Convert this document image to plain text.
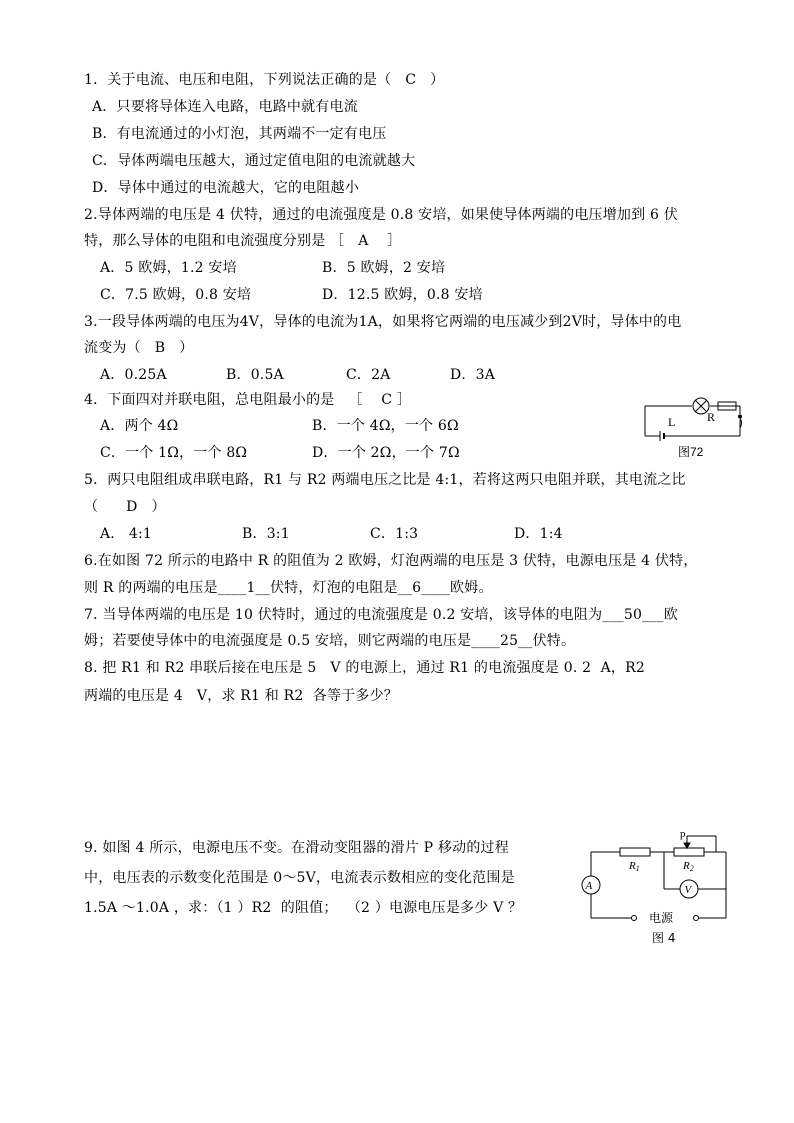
1．关于电流、电压和电阻，下列说法正确的是（   C   ）
A．只要将导体连入电路，电路中就有电流
B．有电流通过的小灯泡，其两端不一定有电压
C．导体两端电压越大，通过定值电阻的电流就越大
D．导体中通过的电流越大，它的电阻越小
2.导体两端的电压是 4 伏特，通过的电流强度是 0.8 安培，如果使导体两端的电压增加到 6 伏
特，那么导体的电阻和电流强度分别是 ［   A    ］
A．5 欧姆，1.2 安培	B．5 欧姆，2 安培
C．7.5 欧姆，0.8 安培	D．12.5 欧姆，0.8 安培
3.一段导体两端的电压为4V，导体的电流为1A，如果将它两端的电压减少到2V时，导体中的电
流变为（   B   ）
A．0.25A	B．0.5A	C．2A	D．3A
4．下面四对并联电阻，总电阻最小的是   ［    C ］
A．两个 4Ω	B．一个 4Ω，一个 6Ω
C．一个 1Ω，一个 8Ω	D．一个 2Ω，一个 7Ω
L	R
图72
5．两只电阻组成串联电路，R1 与 R2 两端电压之比是 4:1，若将这两只电阻并联，其电流之比
（      D   ）
A.   4:1	B．3:1	C．1:3	D．1:4
6.在如图 72 所示的电路中 R 的阻值为 2 欧姆，灯泡两端的电压是 3 伏特，电源电压是 4 伏特，
则 R 的两端的电压是____1__伏特，灯泡的电阻是__6____欧姆。
7. 当导体两端的电压是 10 伏特时，通过的电流强度是 0.2 安培，该导体的电阻为___50___欧
姆；若要使导体中的电流强度是 0.5 安培，则它两端的电压是____25__伏特。
8. 把 R1 和 R2 串联后接在电压是 5   V 的电源上，通过 R1 的电流强度是 0. 2  A，R2
两端的电压是 4   V，求 R1 和 R2  各等于多少？
9. 如图 4 所示，电源电压不变。在滑动变阻器的滑片 P 移动的过程
中，电压表的示数变化范围是 0～5V，电流表示数相应的变化范围是
1.5A ～1.0A ，求：（1 ）R2  的阻值；  （2 ）电源电压是多少 V ？
p
R1	R2
A	V
电源
图 4
